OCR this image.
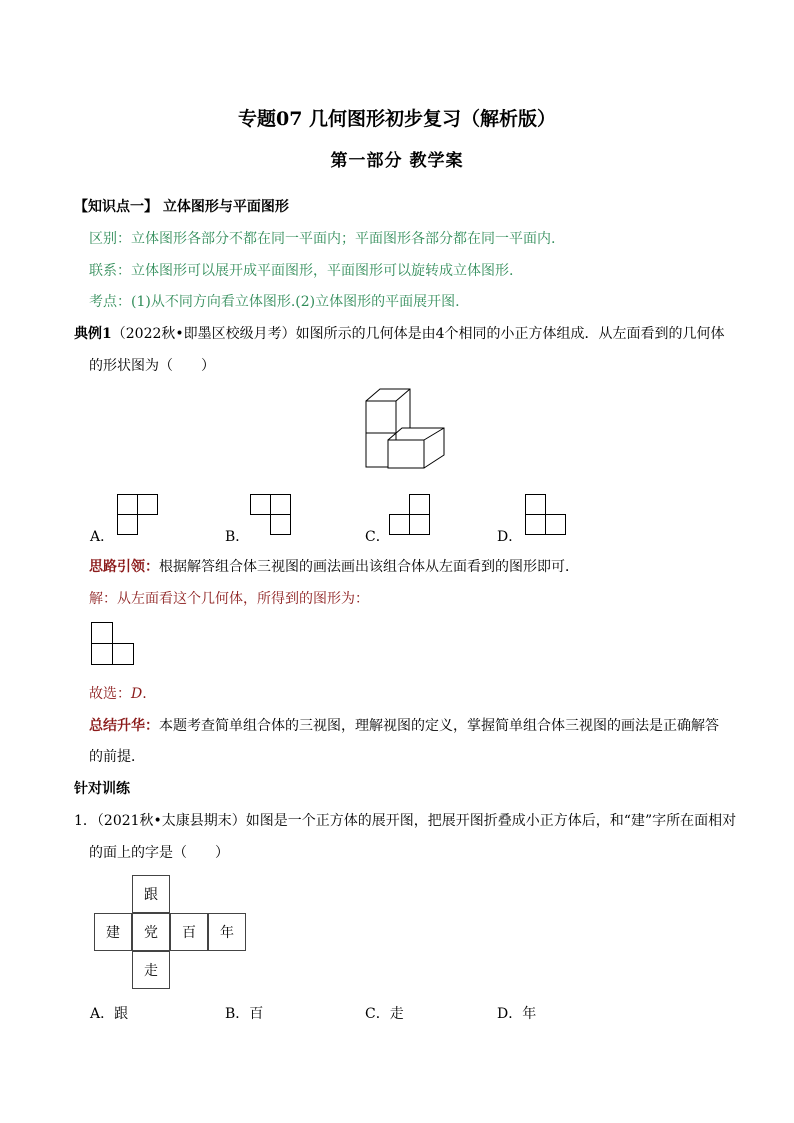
专题07 几何图形初步复习（解析版）
第一部分 教学案
【知识点一】 立体图形与平面图形
区别：立体图形各部分不都在同一平面内；平面图形各部分都在同一平面内.
联系：立体图形可以展开成平面图形，平面图形可以旋转成立体图形.
考点：(1)从不同方向看立体图形.(2)立体图形的平面展开图.
典例1（2022秋•即墨区校级月考）如图所示的几何体是由4个相同的小正方体组成．从左面看到的几何体
的形状图为（　　）
A．	B．	C．	D．
思路引领：根据解答组合体三视图的画法画出该组合体从左面看到的图形即可．
解：从左面看这个几何体，所得到的图形为：
故选：D.
总结升华：本题考查简单组合体的三视图，理解视图的定义，掌握简单组合体三视图的画法是正确解答
的前提．
针对训练
1．（2021秋•太康县期末）如图是一个正方体的展开图，把展开图折叠成小正方体后，和“建”字所在面相对
的面上的字是（　　）
跟
建	党	百	年
走
A．跟	B．百	C．走	D．年
